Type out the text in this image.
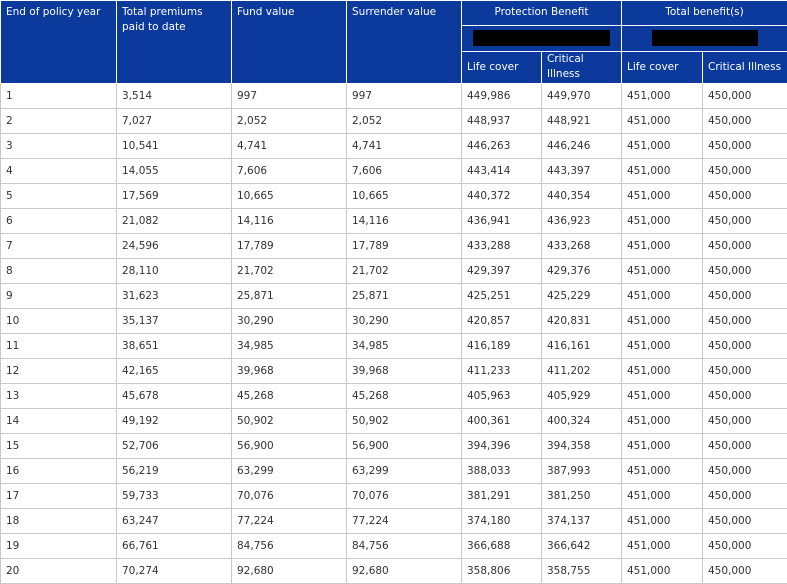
End of policy year	Total premiums paid to date	Fund value	Surrender value	Protection Benefit		Total benefit(s)	

				Life cover	Critical Illness	Life cover	Critical Illness
1	3,514	997	997	449,986	449,970	451,000	450,000
2	7,027	2,052	2,052	448,937	448,921	451,000	450,000
3	10,541	4,741	4,741	446,263	446,246	451,000	450,000
4	14,055	7,606	7,606	443,414	443,397	451,000	450,000
5	17,569	10,665	10,665	440,372	440,354	451,000	450,000
6	21,082	14,116	14,116	436,941	436,923	451,000	450,000
7	24,596	17,789	17,789	433,288	433,268	451,000	450,000
8	28,110	21,702	21,702	429,397	429,376	451,000	450,000
9	31,623	25,871	25,871	425,251	425,229	451,000	450,000
10	35,137	30,290	30,290	420,857	420,831	451,000	450,000
11	38,651	34,985	34,985	416,189	416,161	451,000	450,000
12	42,165	39,968	39,968	411,233	411,202	451,000	450,000
13	45,678	45,268	45,268	405,963	405,929	451,000	450,000
14	49,192	50,902	50,902	400,361	400,324	451,000	450,000
15	52,706	56,900	56,900	394,396	394,358	451,000	450,000
16	56,219	63,299	63,299	388,033	387,993	451,000	450,000
17	59,733	70,076	70,076	381,291	381,250	451,000	450,000
18	63,247	77,224	77,224	374,180	374,137	451,000	450,000
19	66,761	84,756	84,756	366,688	366,642	451,000	450,000
20	70,274	92,680	92,680	358,806	358,755	451,000	450,000
